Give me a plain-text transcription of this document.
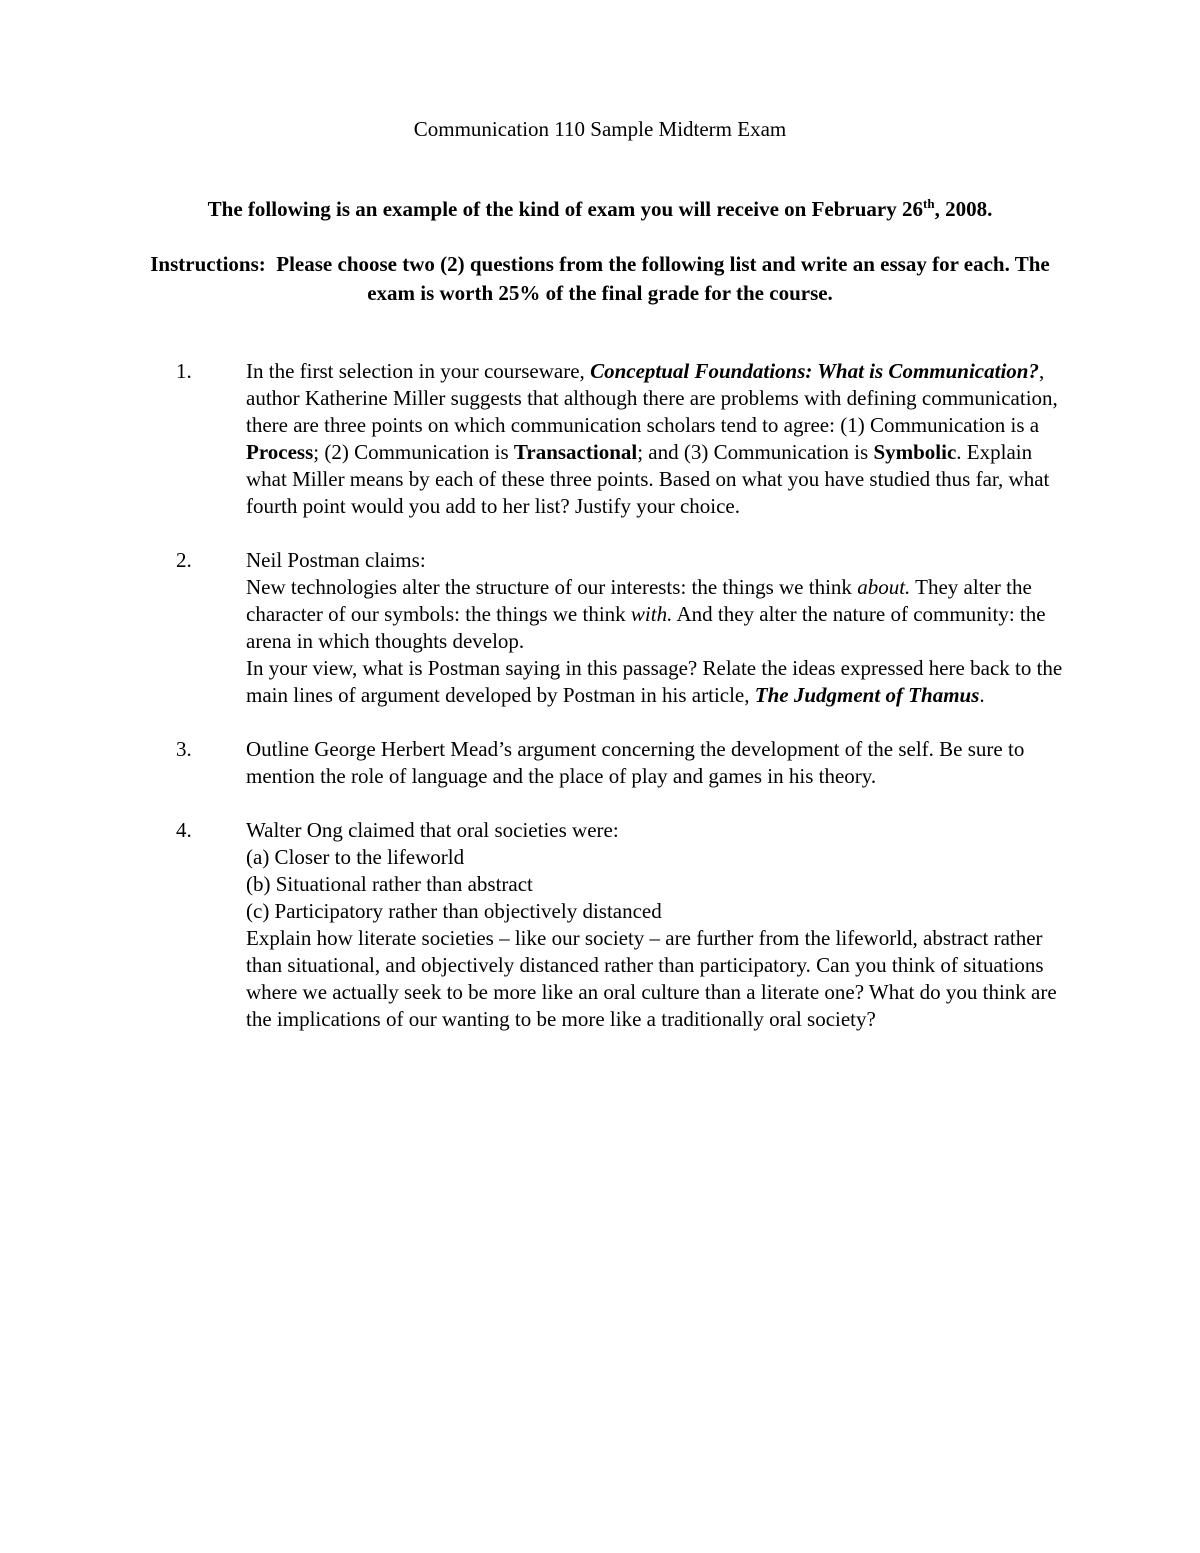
Communication 110 Sample Midterm Exam
The following is an example of the kind of exam you will receive on February 26th, 2008.
Instructions: Please choose two (2) questions from the following list and write an essay for each. The exam is worth 25% of the final grade for the course.
1.	In the first selection in your courseware, Conceptual Foundations: What is Communication?, author Katherine Miller suggests that although there are problems with defining communication, there are three points on which communication scholars tend to agree: (1) Communication is a Process; (2) Communication is Transactional; and (3) Communication is Symbolic. Explain what Miller means by each of these three points. Based on what you have studied thus far, what fourth point would you add to her list? Justify your choice.

2.	Neil Postman claims:

New technologies alter the structure of our interests: the things we think about. They alter the character of our symbols: the things we think with. And they alter the nature of community: the arena in which thoughts develop.

In your view, what is Postman saying in this passage? Relate the ideas expressed here back to the main lines of argument developed by Postman in his article, The Judgment of Thamus.

3.	Outline George Herbert Mead’s argument concerning the development of the self. Be sure to mention the role of language and the place of play and games in his theory.

4.	Walter Ong claimed that oral societies were:

(a) Closer to the lifeworld

(b) Situational rather than abstract

(c) Participatory rather than objectively distanced

Explain how literate societies – like our society – are further from the lifeworld, abstract rather than situational, and objectively distanced rather than participatory. Can you think of situations where we actually seek to be more like an oral culture than a literate one? What do you think are the implications of our wanting to be more like a traditionally oral society?
